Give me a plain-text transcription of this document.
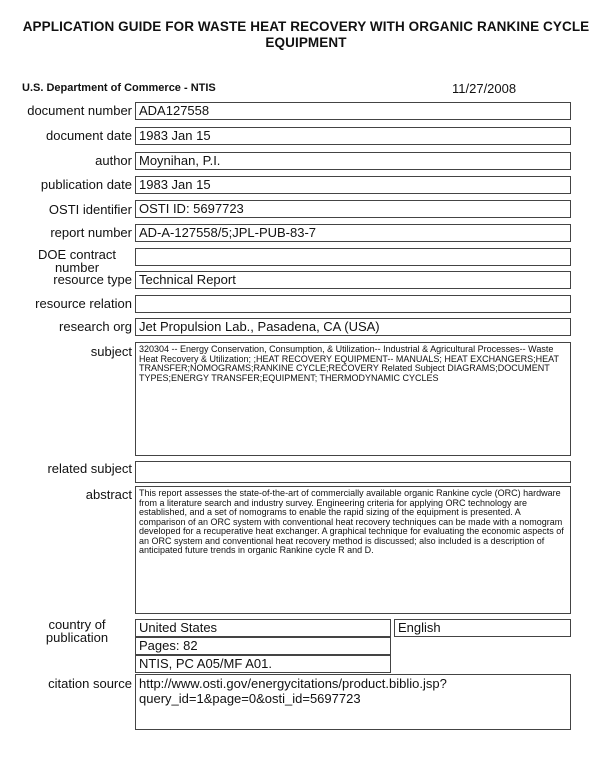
APPLICATION GUIDE FOR WASTE HEAT RECOVERY WITH ORGANIC RANKINE CYCLE EQUIPMENT
U.S. Department of Commerce - NTIS	11/27/2008
document number ADA127558
document date 1983 Jan 15
author Moynihan, P.I.
publication date 1983 Jan 15
OSTI identifier OSTI ID: 5697723
report number AD-A-127558/5;JPL-PUB-83-7
DOE contract number
resource type Technical Report
resource relation
research org Jet Propulsion Lab., Pasadena, CA (USA)
subject 320304 -- Energy Conservation, Consumption, & Utilization-- Industrial & Agricultural Processes-- Waste Heat Recovery & Utilization; ;HEAT RECOVERY EQUIPMENT-- MANUALS; HEAT EXCHANGERS;HEAT TRANSFER;NOMOGRAMS;RANKINE CYCLE;RECOVERY Related Subject DIAGRAMS;DOCUMENT TYPES;ENERGY TRANSFER;EQUIPMENT; THERMODYNAMIC CYCLES
related subject
abstract This report assesses the state-of-the-art of commercially available organic Rankine cycle (ORC) hardware from a literature search and industry survey. Engineering criteria for applying ORC technology are established, and a set of nomograms to enable the rapid sizing of the equipment is presented. A comparison of an ORC system with conventional heat recovery techniques can be made with a nomogram developed for a recuperative heat exchanger. A graphical technique for evaluating the economic aspects of an ORC system and conventional heat recovery method is discussed; also included is a description of anticipated future trends in organic Rankine cycle R and D.
country of publication
United States	English
Pages: 82
NTIS, PC A05/MF A01.
citation source http://www.osti.gov/energycitations/product.biblio.jsp? query_id=1&page=0&osti_id=5697723
